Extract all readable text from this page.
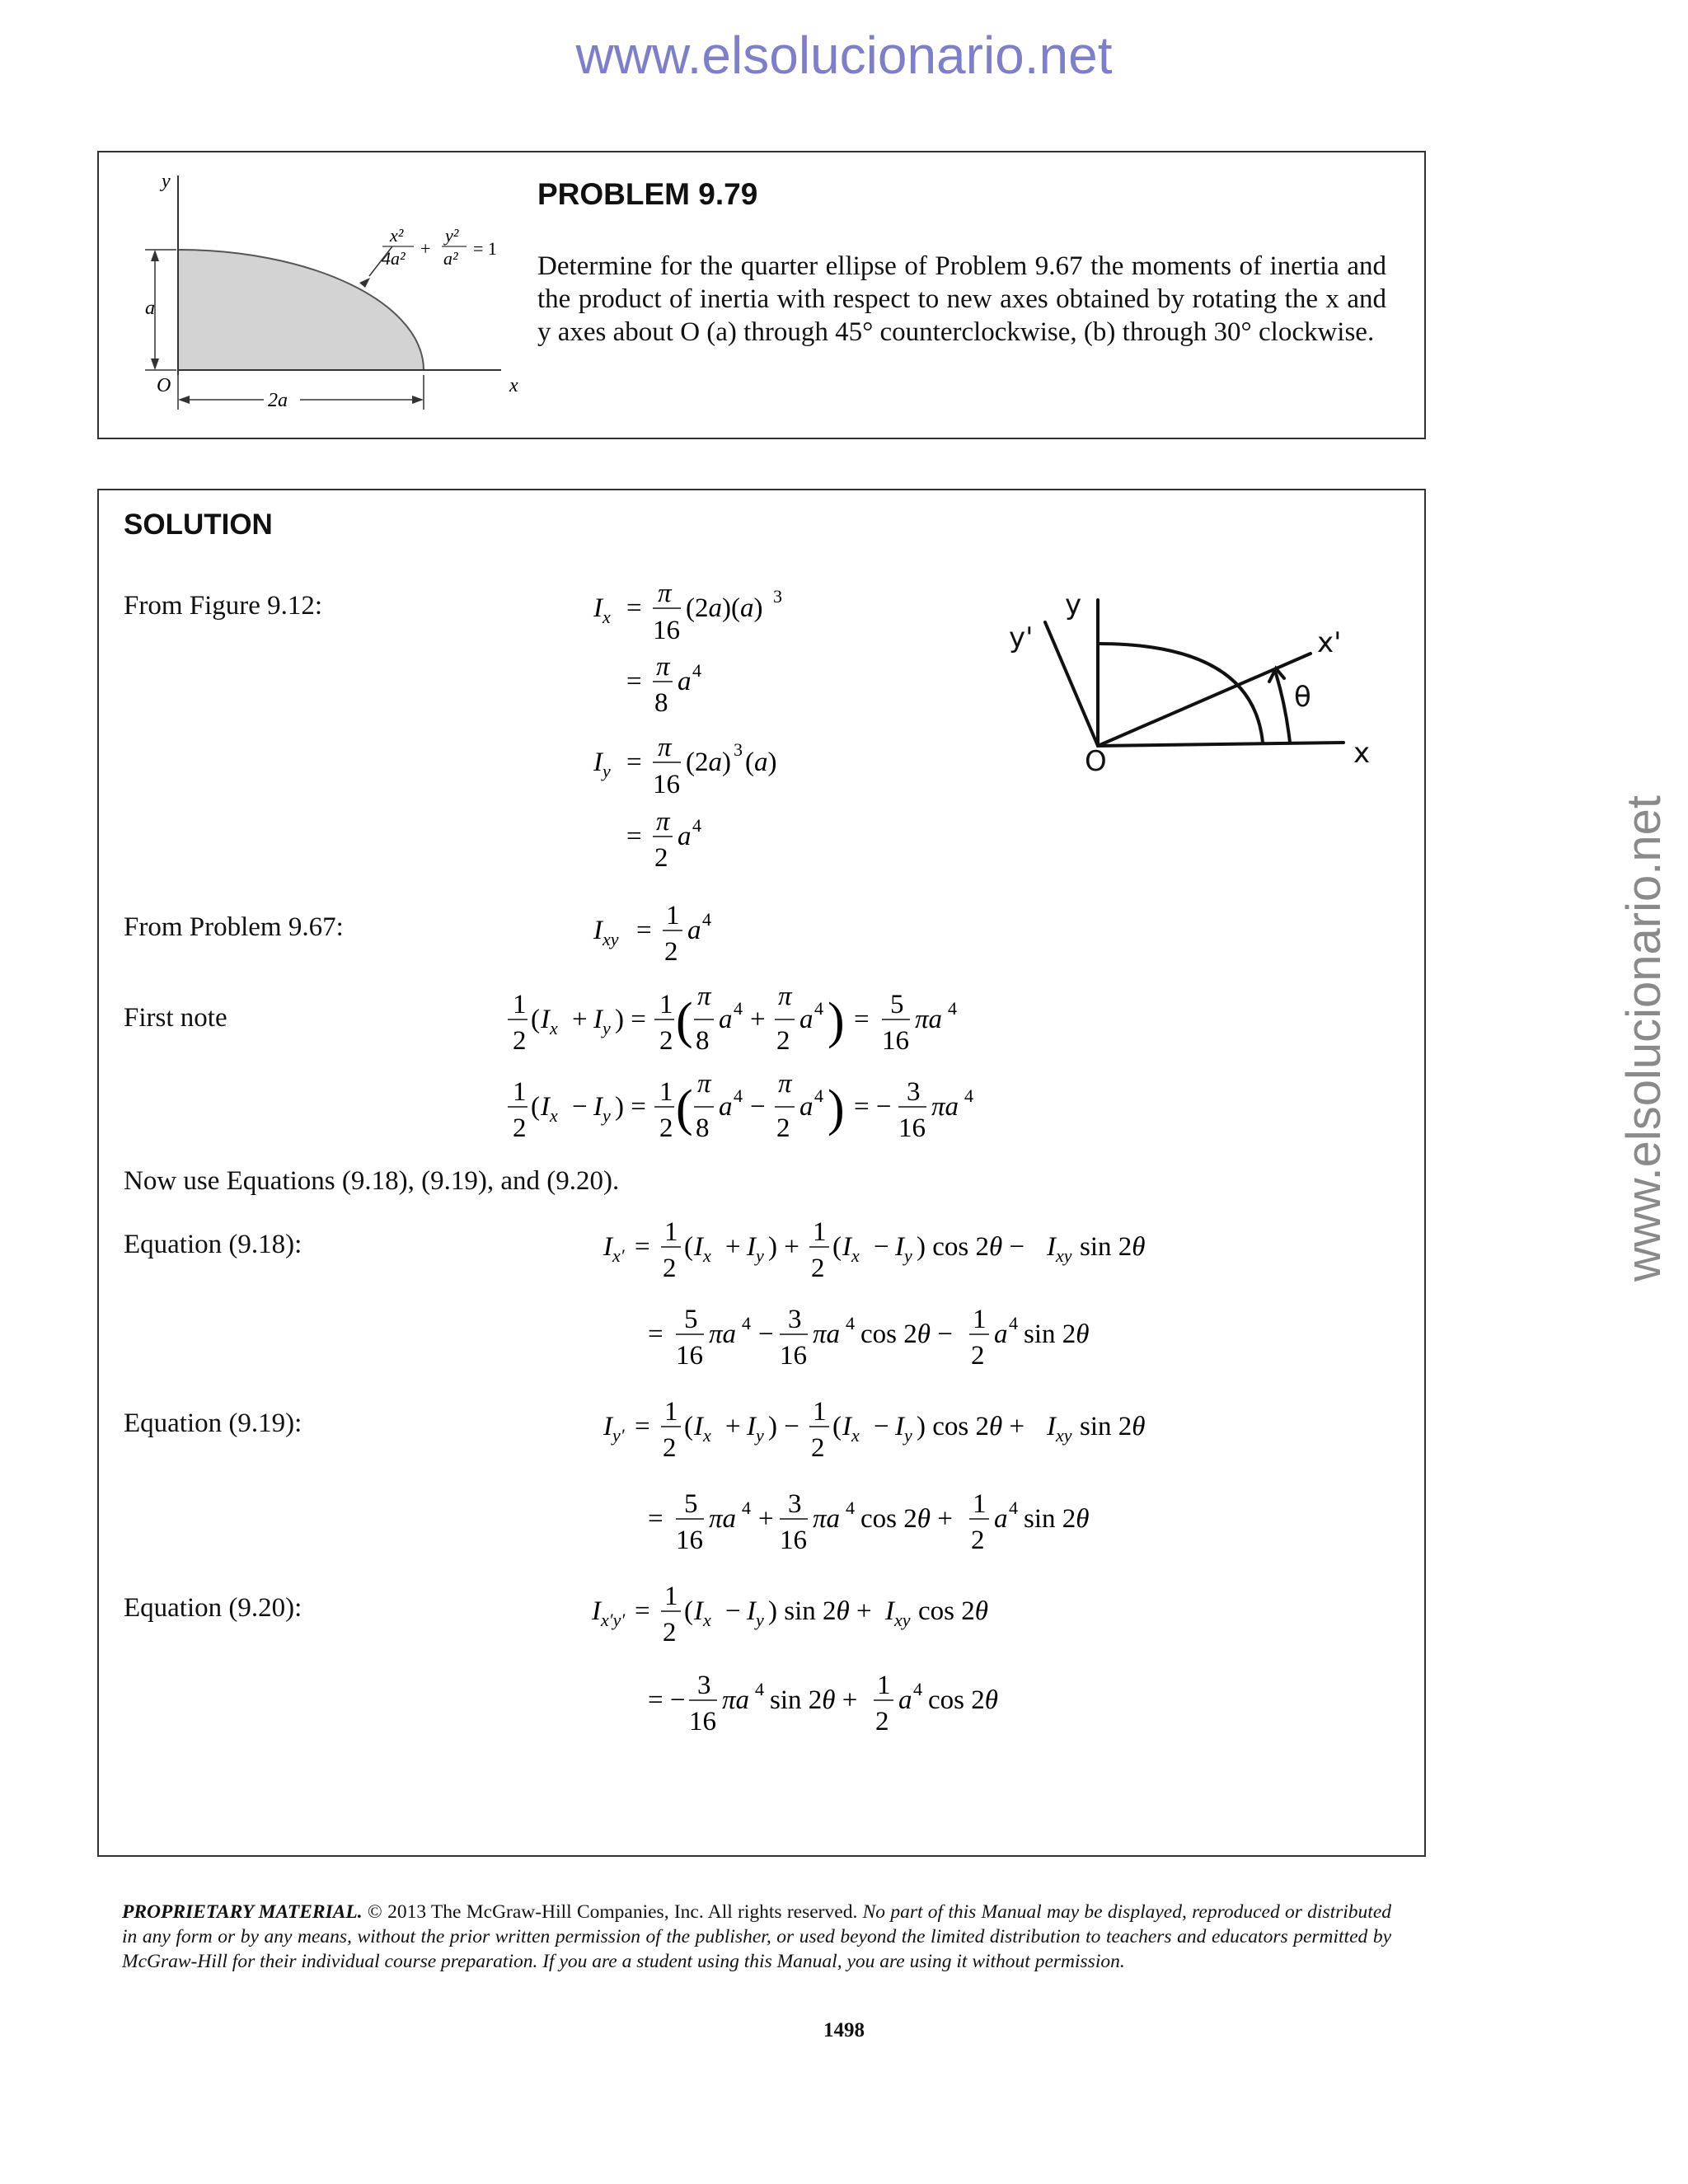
www.elsolucionario.net
www.elsolucionario.net
y
x
O
a
2a
x²
4a² +
y²
a² = 1
PROBLEM 9.79
Determine for the quarter ellipse of Problem 9.67 the moments of inertia and the product of inertia with respect to new axes obtained by rotating the x and y axes about O (a) through 45° counterclockwise, (b) through 30° clockwise.
SOLUTION
From Figure 9.12:
From Problem 9.67:
First note
Now use Equations (9.18), (9.19), and (9.20).
Equation (9.18):
Equation (9.19):
Equation (9.20):
$I_x = \pi$
16
(2a)(a) 3
= π
8
a 4
$I_y = \pi$
16
(2a) 3 (a)
= π
2
a 4
$I_{xy} = 1$
2
a 4
1
2
( $I_x + I_y$ ) = 1
2 ( π
8
a 4 +
π
2
a 4 ) = 5
16
πa 4
1
2
( $I_x - I_y$ ) = 1
2 ( π
8
a 4 −
π
2
a 4 ) = − 3
16
πa 4
$I_{x'} = 1$
2
( $I_x + I_y$ ) + 1
2
( $I_x - I_y$ ) $\cos 2\theta - I_{xy}$ sin 2θ
= 5
16
πa 4 − 3
16
πa 4 cos 2θ − 1
2
a 4 sin 2θ
$I_{y'} = 1$
2
( $I_x + I_y$ ) − 1
2
( $I_x - I_y$ ) $\cos 2\theta + I_{xy}$ sin 2θ
= 5
16
πa 4 + 3
16
πa 4 cos 2θ + 1
2
a 4 sin 2θ
$I_{x'y'} = 1$
2
( $I_x - I_y$ ) $\sin 2\theta + I_{xy}$ cos 2θ
= − 3
16
πa 4 sin 2θ + 1
2
a 4 cos 2θ
y
y'	x'
x
θ
O
PROPRIETARY MATERIAL. © 2013 The McGraw-Hill Companies, Inc. All rights reserved. No part of this Manual may be displayed, reproduced or distributed in any form or by any means, without the prior written permission of the publisher, or used beyond the limited distribution to teachers and educators permitted by McGraw-Hill for their individual course preparation. If you are a student using this Manual, you are using it without permission.
1498
